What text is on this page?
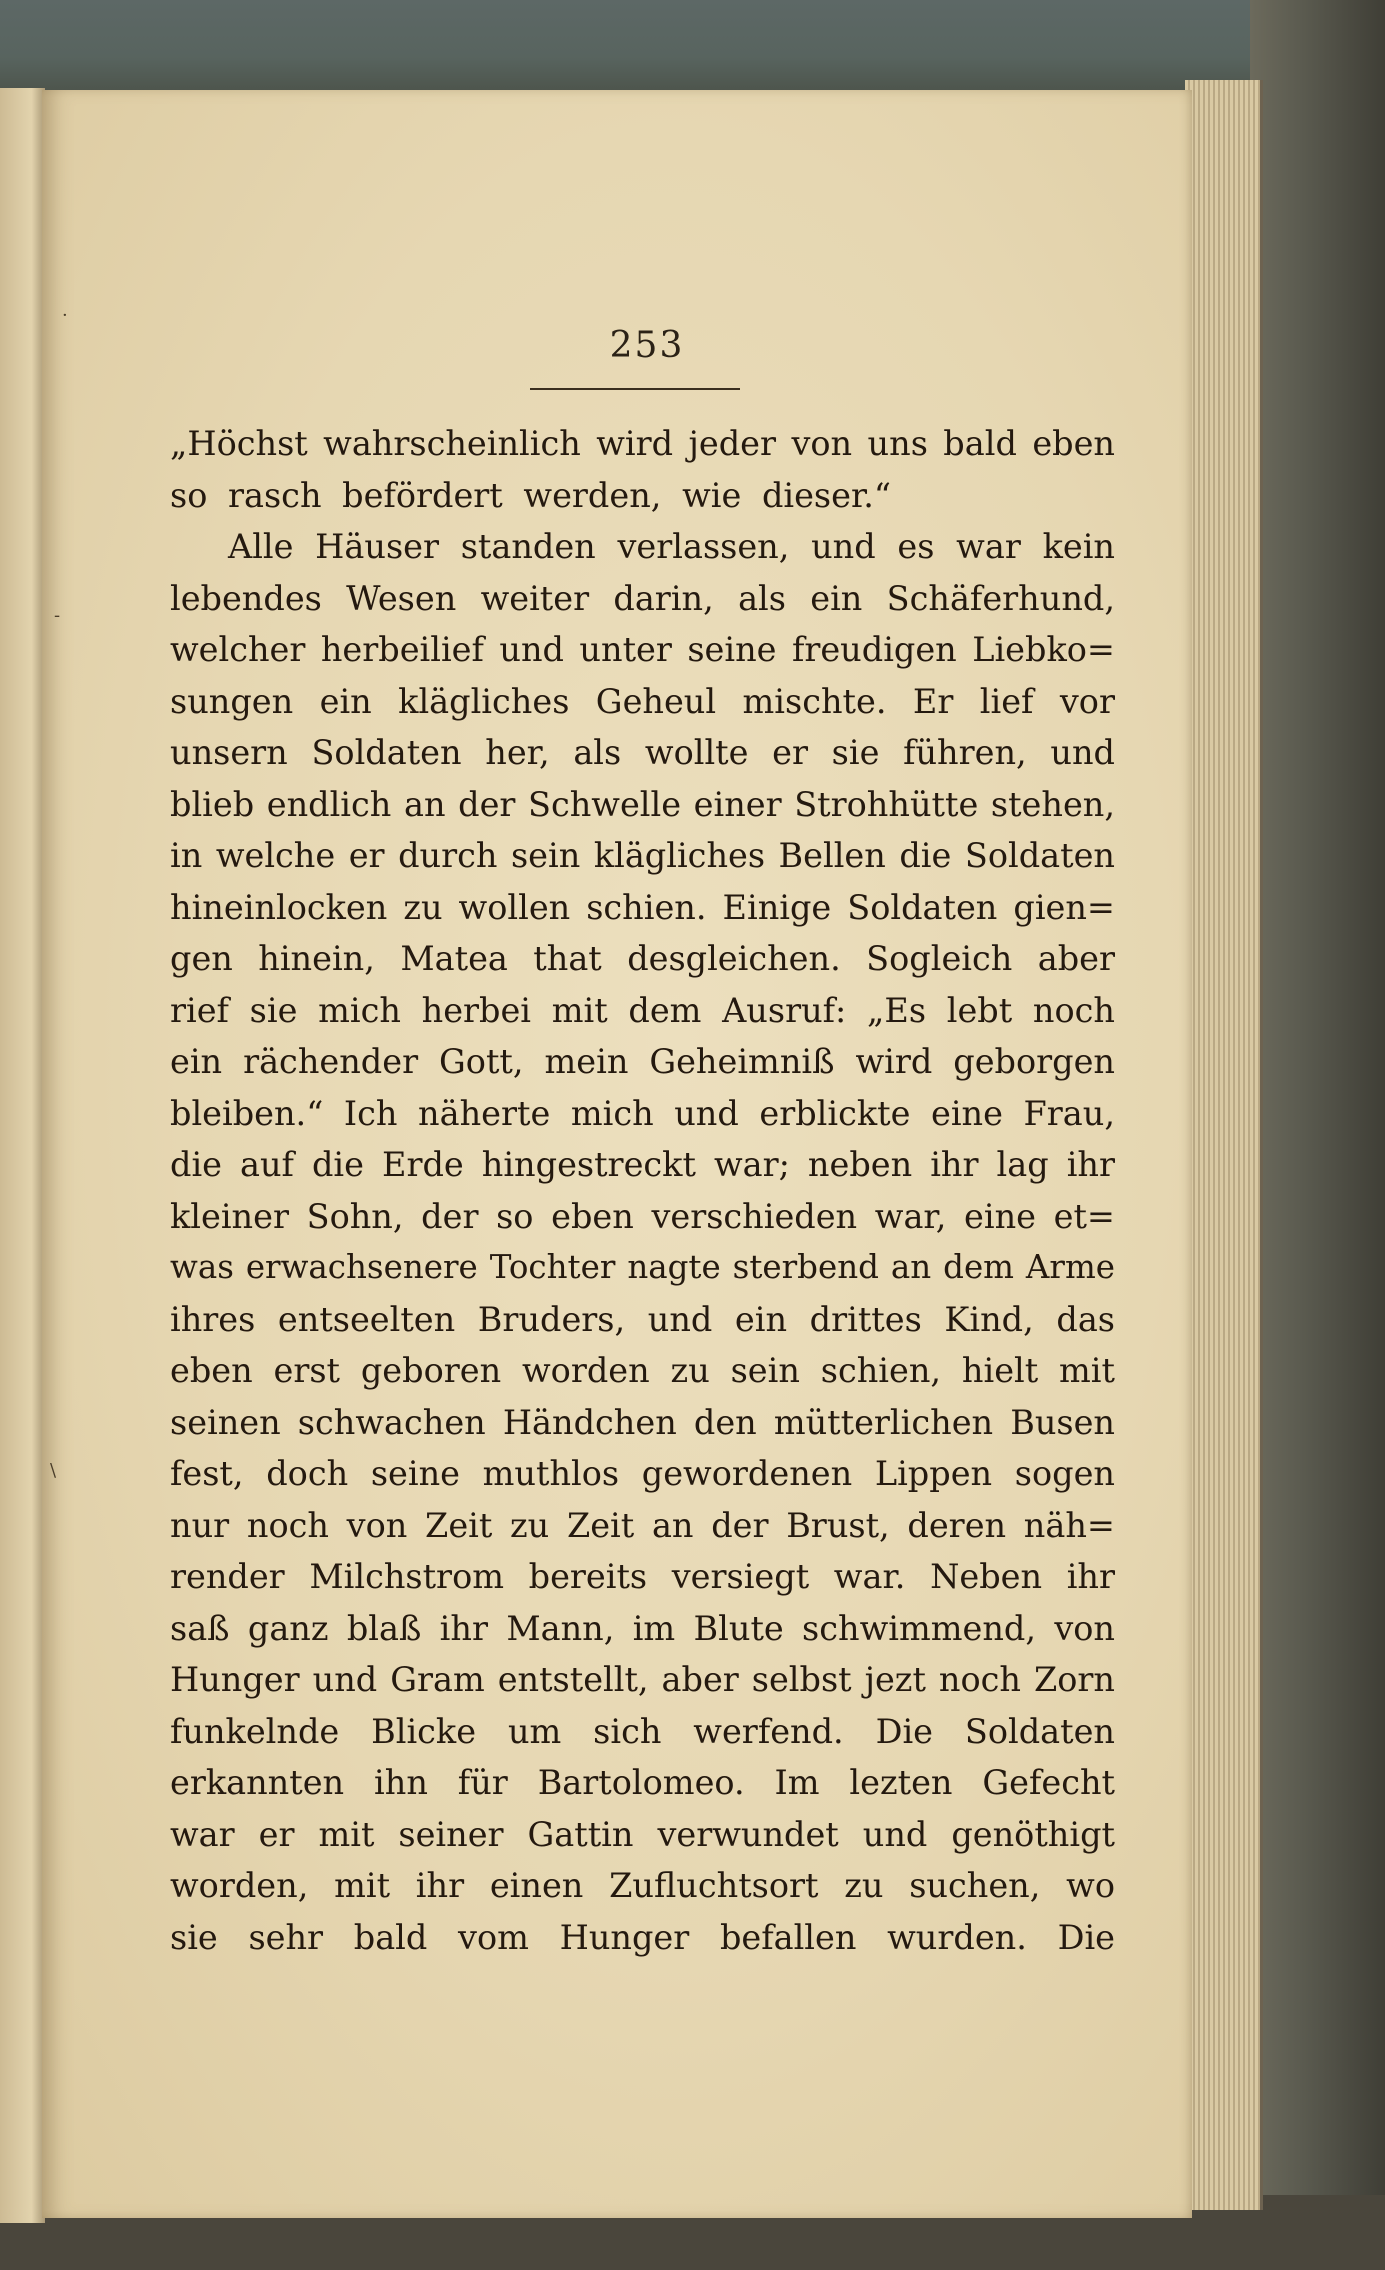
253
·
-
\
„Höchst wahrscheinlich wird jeder von uns bald eben
so rasch befördert werden, wie dieser.“
Alle Häuser standen verlassen, und es war kein
lebendes Wesen weiter darin, als ein Schäferhund,
welcher herbeilief und unter seine freudigen Liebko=
sungen ein klägliches Geheul mischte. Er lief vor
unsern Soldaten her, als wollte er sie führen, und
blieb endlich an der Schwelle einer Strohhütte stehen,
in welche er durch sein klägliches Bellen die Soldaten
hineinlocken zu wollen schien. Einige Soldaten gien=
gen hinein, Matea that desgleichen. Sogleich aber
rief sie mich herbei mit dem Ausruf: „Es lebt noch
ein rächender Gott, mein Geheimniß wird geborgen
bleiben.“ Ich näherte mich und erblickte eine Frau,
die auf die Erde hingestreckt war; neben ihr lag ihr
kleiner Sohn, der so eben verschieden war, eine et=
was erwachsenere Tochter nagte sterbend an dem Arme
ihres entseelten Bruders, und ein drittes Kind, das
eben erst geboren worden zu sein schien, hielt mit
seinen schwachen Händchen den mütterlichen Busen
fest, doch seine muthlos gewordenen Lippen sogen
nur noch von Zeit zu Zeit an der Brust, deren näh=
render Milchstrom bereits versiegt war. Neben ihr
saß ganz blaß ihr Mann, im Blute schwimmend, von
Hunger und Gram entstellt, aber selbst jezt noch Zorn
funkelnde Blicke um sich werfend. Die Soldaten
erkannten ihn für Bartolomeo. Im lezten Gefecht
war er mit seiner Gattin verwundet und genöthigt
worden, mit ihr einen Zufluchtsort zu suchen, wo
sie sehr bald vom Hunger befallen wurden. Die
